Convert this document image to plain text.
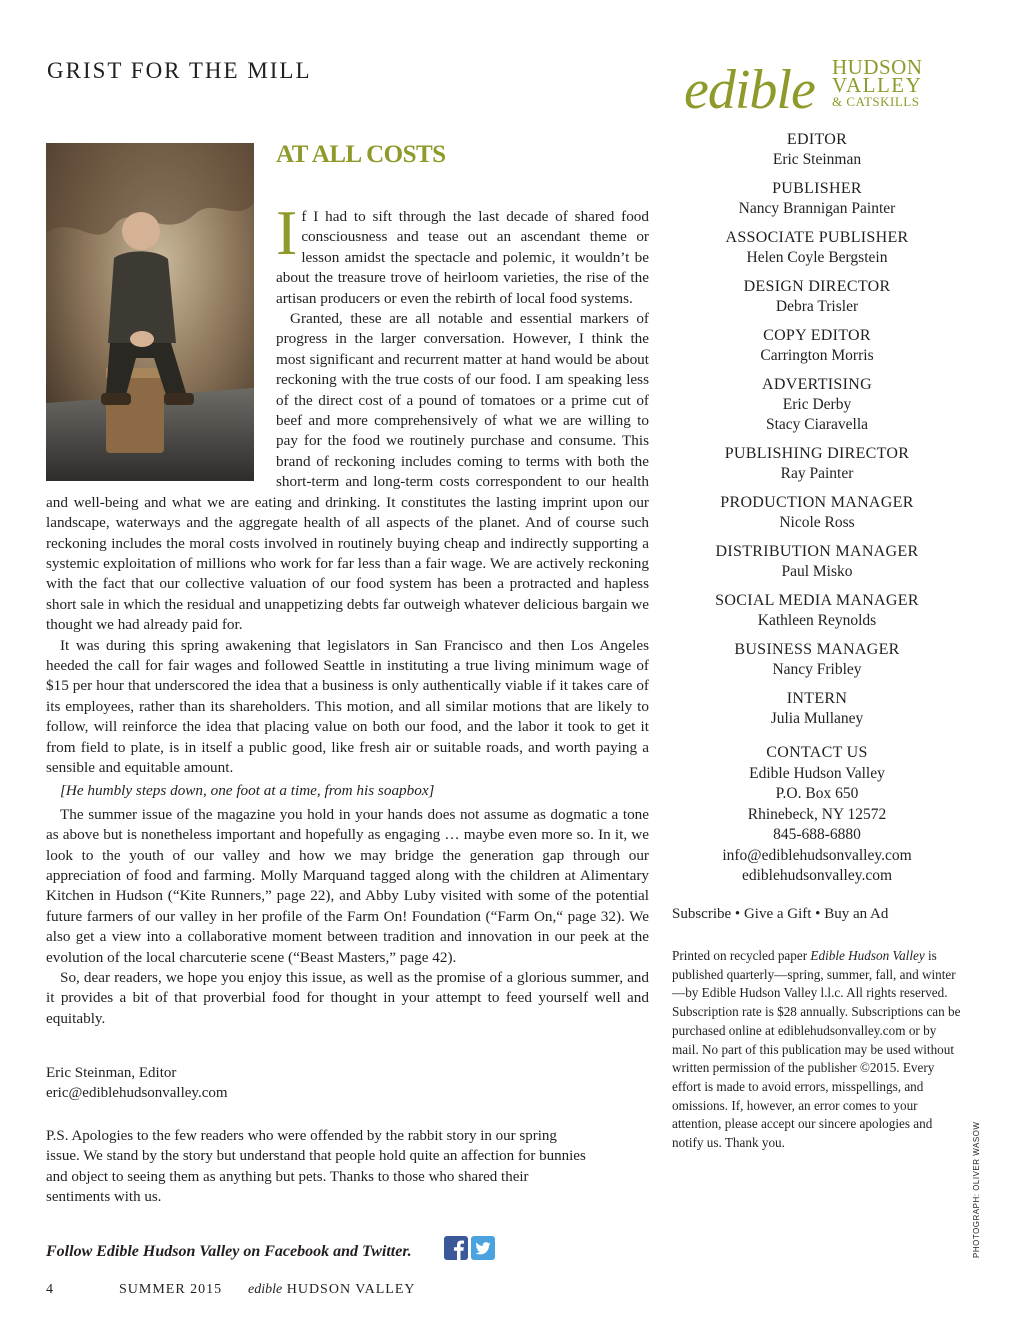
GRIST FOR THE MILL	edible HUDSON
VALLEY
& CATSKILLS
AT ALL COSTS

If I had to sift through the last decade of shared food consciousness and tease out an ascendant theme or lesson amidst the spectacle and polemic, it wouldn’t be about the treasure trove of heirloom varieties, the rise of the artisan producers or even the rebirth of local food systems.

Granted, these are all notable and essential markers of progress in the larger conversation. However, I think the most significant and recurrent matter at hand would be about reckoning with the true costs of our food. I am speaking less of the direct cost of a pound of tomatoes or a prime cut of beef and more comprehensively of what we are willing to pay for the food we routinely purchase and consume. This brand of reckoning includes coming to terms with both the short-term and long-term costs correspondent to our health and well-being and what we are eating and drinking. It constitutes the lasting imprint upon our landscape, waterways and the aggregate health of all aspects of the planet. And of course such reckoning includes the moral costs involved in routinely buying cheap and indirectly supporting a systemic exploitation of millions who work for far less than a fair wage. We are actively reckoning with the fact that our collective valuation of our food system has been a protracted and hapless short sale in which the residual and unappetizing debts far outweigh whatever delicious bargain we thought we had already paid for.

It was during this spring awakening that legislators in San Francisco and then Los Angeles heeded the call for fair wages and followed Seattle in instituting a true living minimum wage of $15 per hour that underscored the idea that a business is only authentically viable if it takes care of its employees, rather than its shareholders. This motion, and all similar motions that are likely to follow, will reinforce the idea that placing value on both our food, and the labor it took to get it from field to plate, is in itself a public good, like fresh air or suitable roads, and worth paying a sensible and equitable amount.

[He humbly steps down, one foot at a time, from his soapbox]

The summer issue of the magazine you hold in your hands does not assume as dogmatic a tone as above but is nonetheless important and hopefully as engaging … maybe even more so. In it, we look to the youth of our valley and how we may bridge the generation gap through our appreciation of food and farming. Molly Marquand tagged along with the children at Alimentary Kitchen in Hudson (“Kite Runners,” page 22), and Abby Luby visited with some of the potential future farmers of our valley in her profile of the Farm On! Foundation (“Farm On,“ page 32). We also get a view into a collaborative moment between tradition and innovation in our peek at the evolution of the local charcuterie scene (“Beast Masters,” page 42).

So, dear readers, we hope you enjoy this issue, as well as the promise of a glorious summer, and it provides a bit of that proverbial food for thought in your attempt to feed yourself well and equitably.

Eric Steinman, Editor
eric@ediblehudsonvalley.com
P.S. Apologies to the few readers who were offended by the rabbit story in our spring issue. We stand by the story but understand that people hold quite an affection for bunnies and object to seeing them as anything but pets. Thanks to those who shared their sentiments with us.
Follow Edible Hudson Valley on Facebook and Twitter.
4	SUMMER 2015 edible HUDSON VALLEY
EDITOR
Eric Steinman
PUBLISHER
Nancy Brannigan Painter
ASSOCIATE PUBLISHER
Helen Coyle Bergstein
DESIGN DIRECTOR
Debra Trisler
COPY EDITOR
Carrington Morris
ADVERTISING
Eric Derby
Stacy Ciaravella
PUBLISHING DIRECTOR
Ray Painter
PRODUCTION MANAGER
Nicole Ross
DISTRIBUTION MANAGER
Paul Misko
SOCIAL MEDIA MANAGER
Kathleen Reynolds
BUSINESS MANAGER
Nancy Fribley
INTERN
Julia Mullaney
CONTACT US
Edible Hudson Valley
P.O. Box 650
Rhinebeck, NY 12572
845-688-6880
info@ediblehudsonvalley.com
ediblehudsonvalley.com
Subscribe • Give a Gift • Buy an Ad
Printed on recycled paper Edible Hudson Valley is published quarterly—spring, summer, fall, and winter—by Edible Hudson Valley l.l.c. All rights reserved. Subscription rate is $28 annually. Subscriptions can be purchased online at ediblehudsonvalley.com or by mail. No part of this publication may be used without written permission of the publisher ©2015. Every effort is made to avoid errors, misspellings, and omissions. If, however, an error comes to your attention, please accept our sincere apologies and notify us. Thank you.	PHOTOGRAPH: OLIVER WASOW
